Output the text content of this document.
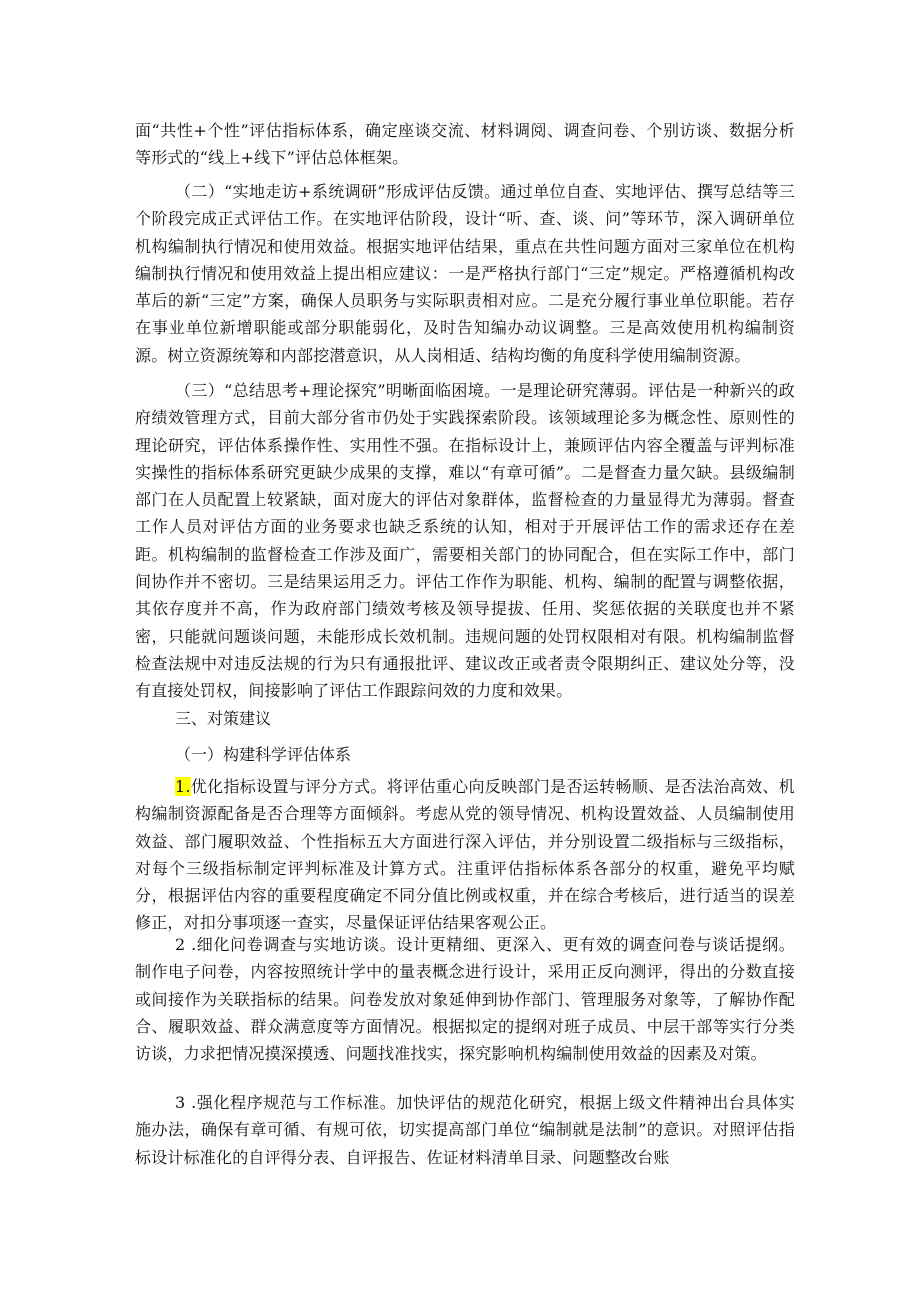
面“共性+个性”评估指标体系，确定座谈交流、材料调阅、调查问卷、个别访谈、数据分析等形式的“线上+线下”评估总体框架。

（二）“实地走访+系统调研”形成评估反馈。通过单位自查、实地评估、撰写总结等三个阶段完成正式评估工作。在实地评估阶段，设计“听、查、谈、问”等环节，深入调研单位机构编制执行情况和使用效益。根据实地评估结果，重点在共性问题方面对三家单位在机构编制执行情况和使用效益上提出相应建议：一是严格执行部门“三定”规定。严格遵循机构改革后的新“三定”方案，确保人员职务与实际职责相对应。二是充分履行事业单位职能。若存在事业单位新增职能或部分职能弱化，及时告知编办动议调整。三是高效使用机构编制资源。树立资源统筹和内部挖潜意识，从人岗相适、结构均衡的角度科学使用编制资源。

（三）“总结思考+理论探究”明晰面临困境。一是理论研究薄弱。评估是一种新兴的政府绩效管理方式，目前大部分省市仍处于实践探索阶段。该领域理论多为概念性、原则性的理论研究，评估体系操作性、实用性不强。在指标设计上，兼顾评估内容全覆盖与评判标准实操性的指标体系研究更缺少成果的支撑，难以“有章可循”。二是督查力量欠缺。县级编制部门在人员配置上较紧缺，面对庞大的评估对象群体，监督检查的力量显得尤为薄弱。督查工作人员对评估方面的业务要求也缺乏系统的认知，相对于开展评估工作的需求还存在差距。机构编制的监督检查工作涉及面广，需要相关部门的协同配合，但在实际工作中，部门间协作并不密切。三是结果运用乏力。评估工作作为职能、机构、编制的配置与调整依据，其依存度并不高，作为政府部门绩效考核及领导提拔、任用、奖惩依据的关联度也并不紧密，只能就问题谈问题，未能形成长效机制。违规问题的处罚权限相对有限。机构编制监督检查法规中对违反法规的行为只有通报批评、建议改正或者责令限期纠正、建议处分等，没有直接处罚权，间接影响了评估工作跟踪问效的力度和效果。

三、对策建议
（一）构建科学评估体系

1.优化指标设置与评分方式。将评估重心向反映部门是否运转畅顺、是否法治高效、机构编制资源配备是否合理等方面倾斜。考虑从党的领导情况、机构设置效益、人员编制使用效益、部门履职效益、个性指标五大方面进行深入评估，并分别设置二级指标与三级指标，对每个三级指标制定评判标准及计算方式。注重评估指标体系各部分的权重，避免平均赋分，根据评估内容的重要程度确定不同分值比例或权重，并在综合考核后，进行适当的误差修正，对扣分事项逐一查实，尽量保证评估结果客观公正。

2 .细化问卷调查与实地访谈。设计更精细、更深入、更有效的调查问卷与谈话提纲。制作电子问卷，内容按照统计学中的量表概念进行设计，采用正反向测评，得出的分数直接或间接作为关联指标的结果。问卷发放对象延伸到协作部门、管理服务对象等，了解协作配合、履职效益、群众满意度等方面情况。根据拟定的提纲对班子成员、中层干部等实行分类访谈，力求把情况摸深摸透、问题找准找实，探究影响机构编制使用效益的因素及对策。

3 .强化程序规范与工作标准。加快评估的规范化研究，根据上级文件精神出台具体实施办法，确保有章可循、有规可依，切实提高部门单位“编制就是法制”的意识。对照评估指标设计标准化的自评得分表、自评报告、佐证材料清单目录、问题整改台账
